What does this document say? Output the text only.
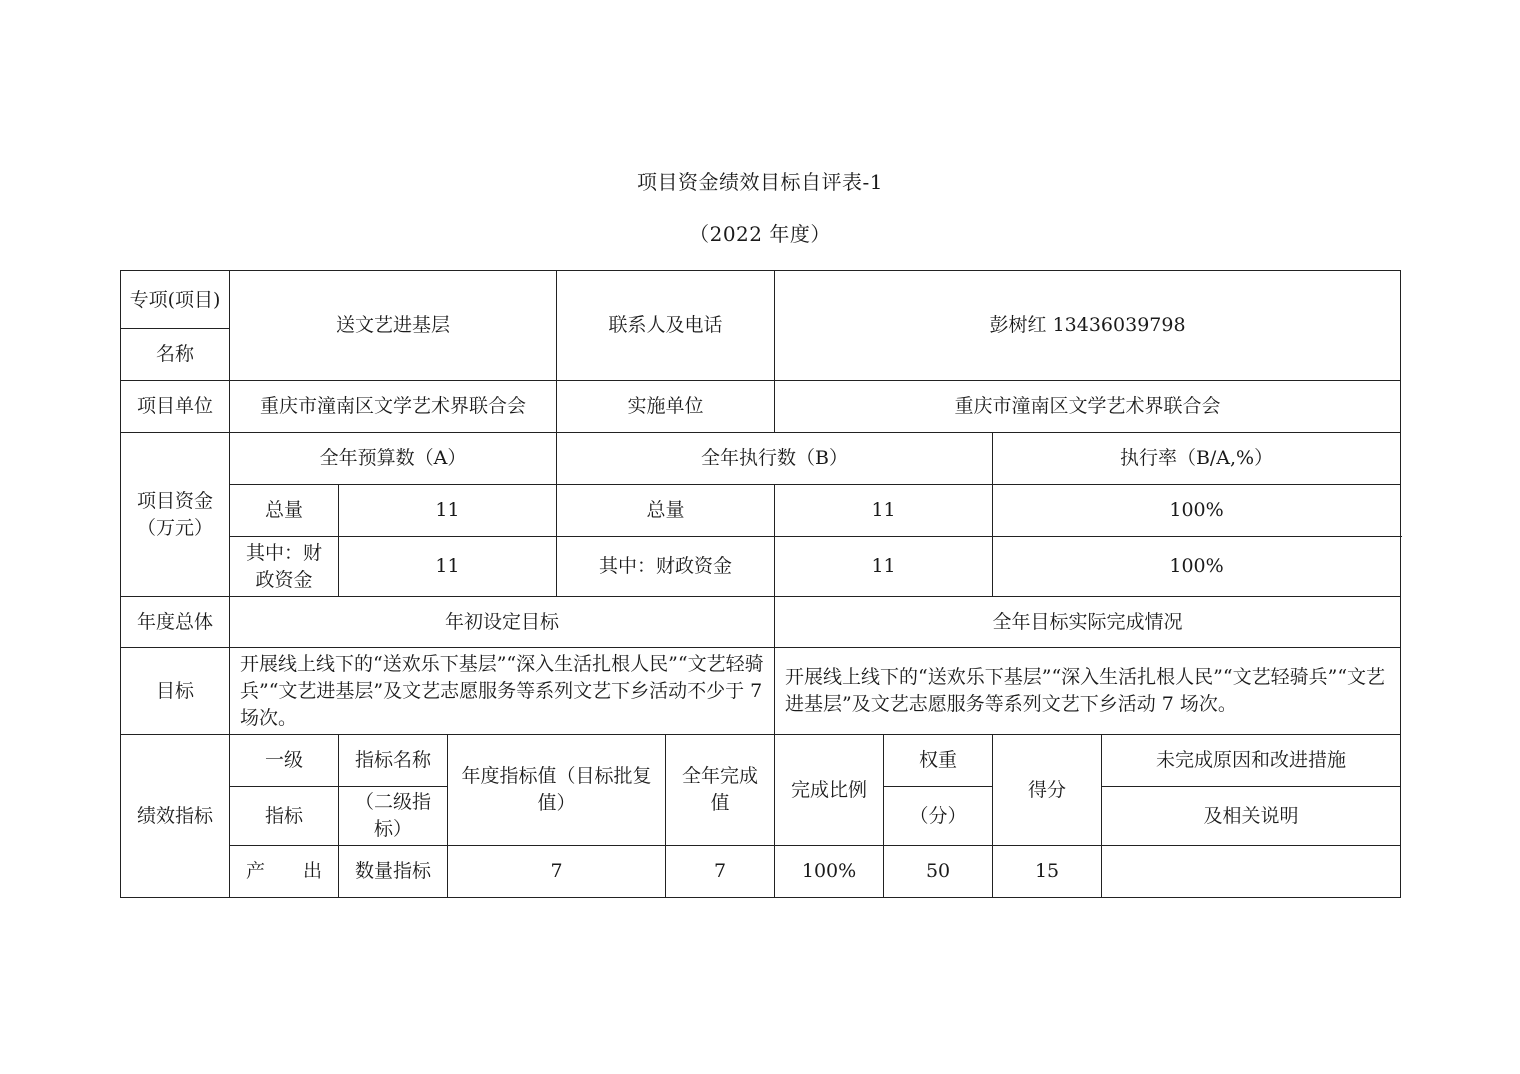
项目资金绩效目标自评表-1
（2022 年度）
专项(项目)	送文艺进基层			联系人及电话		彭树红 13436039798			
名称									
项目单位	重庆市潼南区文学艺术界联合会			实施单位		重庆市潼南区文学艺术界联合会			
项目资金（万元）	全年预算数（A）			全年执行数（B）				执行率（B/A,%）	
	总量	11		总量		11		100%	
	其中：财政资金	11		其中：财政资金		11		100%	
年度总体	年初设定目标					全年目标实际完成情况			
目标	开展线上线下的“送欢乐下基层”“深入生活扎根人民”“文艺轻骑兵”“文艺进基层”及文艺志愿服务等系列文艺下乡活动不少于 7 场次。					开展线上线下的“送欢乐下基层”“深入生活扎根人民”“文艺轻骑兵”“文艺进基层”及文艺志愿服务等系列文艺下乡活动 7 场次。			
绩效指标	一级	指标名称	年度指标值（目标批复值）		全年完成值	完成比例	权重	得分	未完成原因和改进措施
	指标	（二级指标）					（分）		及相关说明
	产　　出	数量指标	7		7	100%	50	15	
